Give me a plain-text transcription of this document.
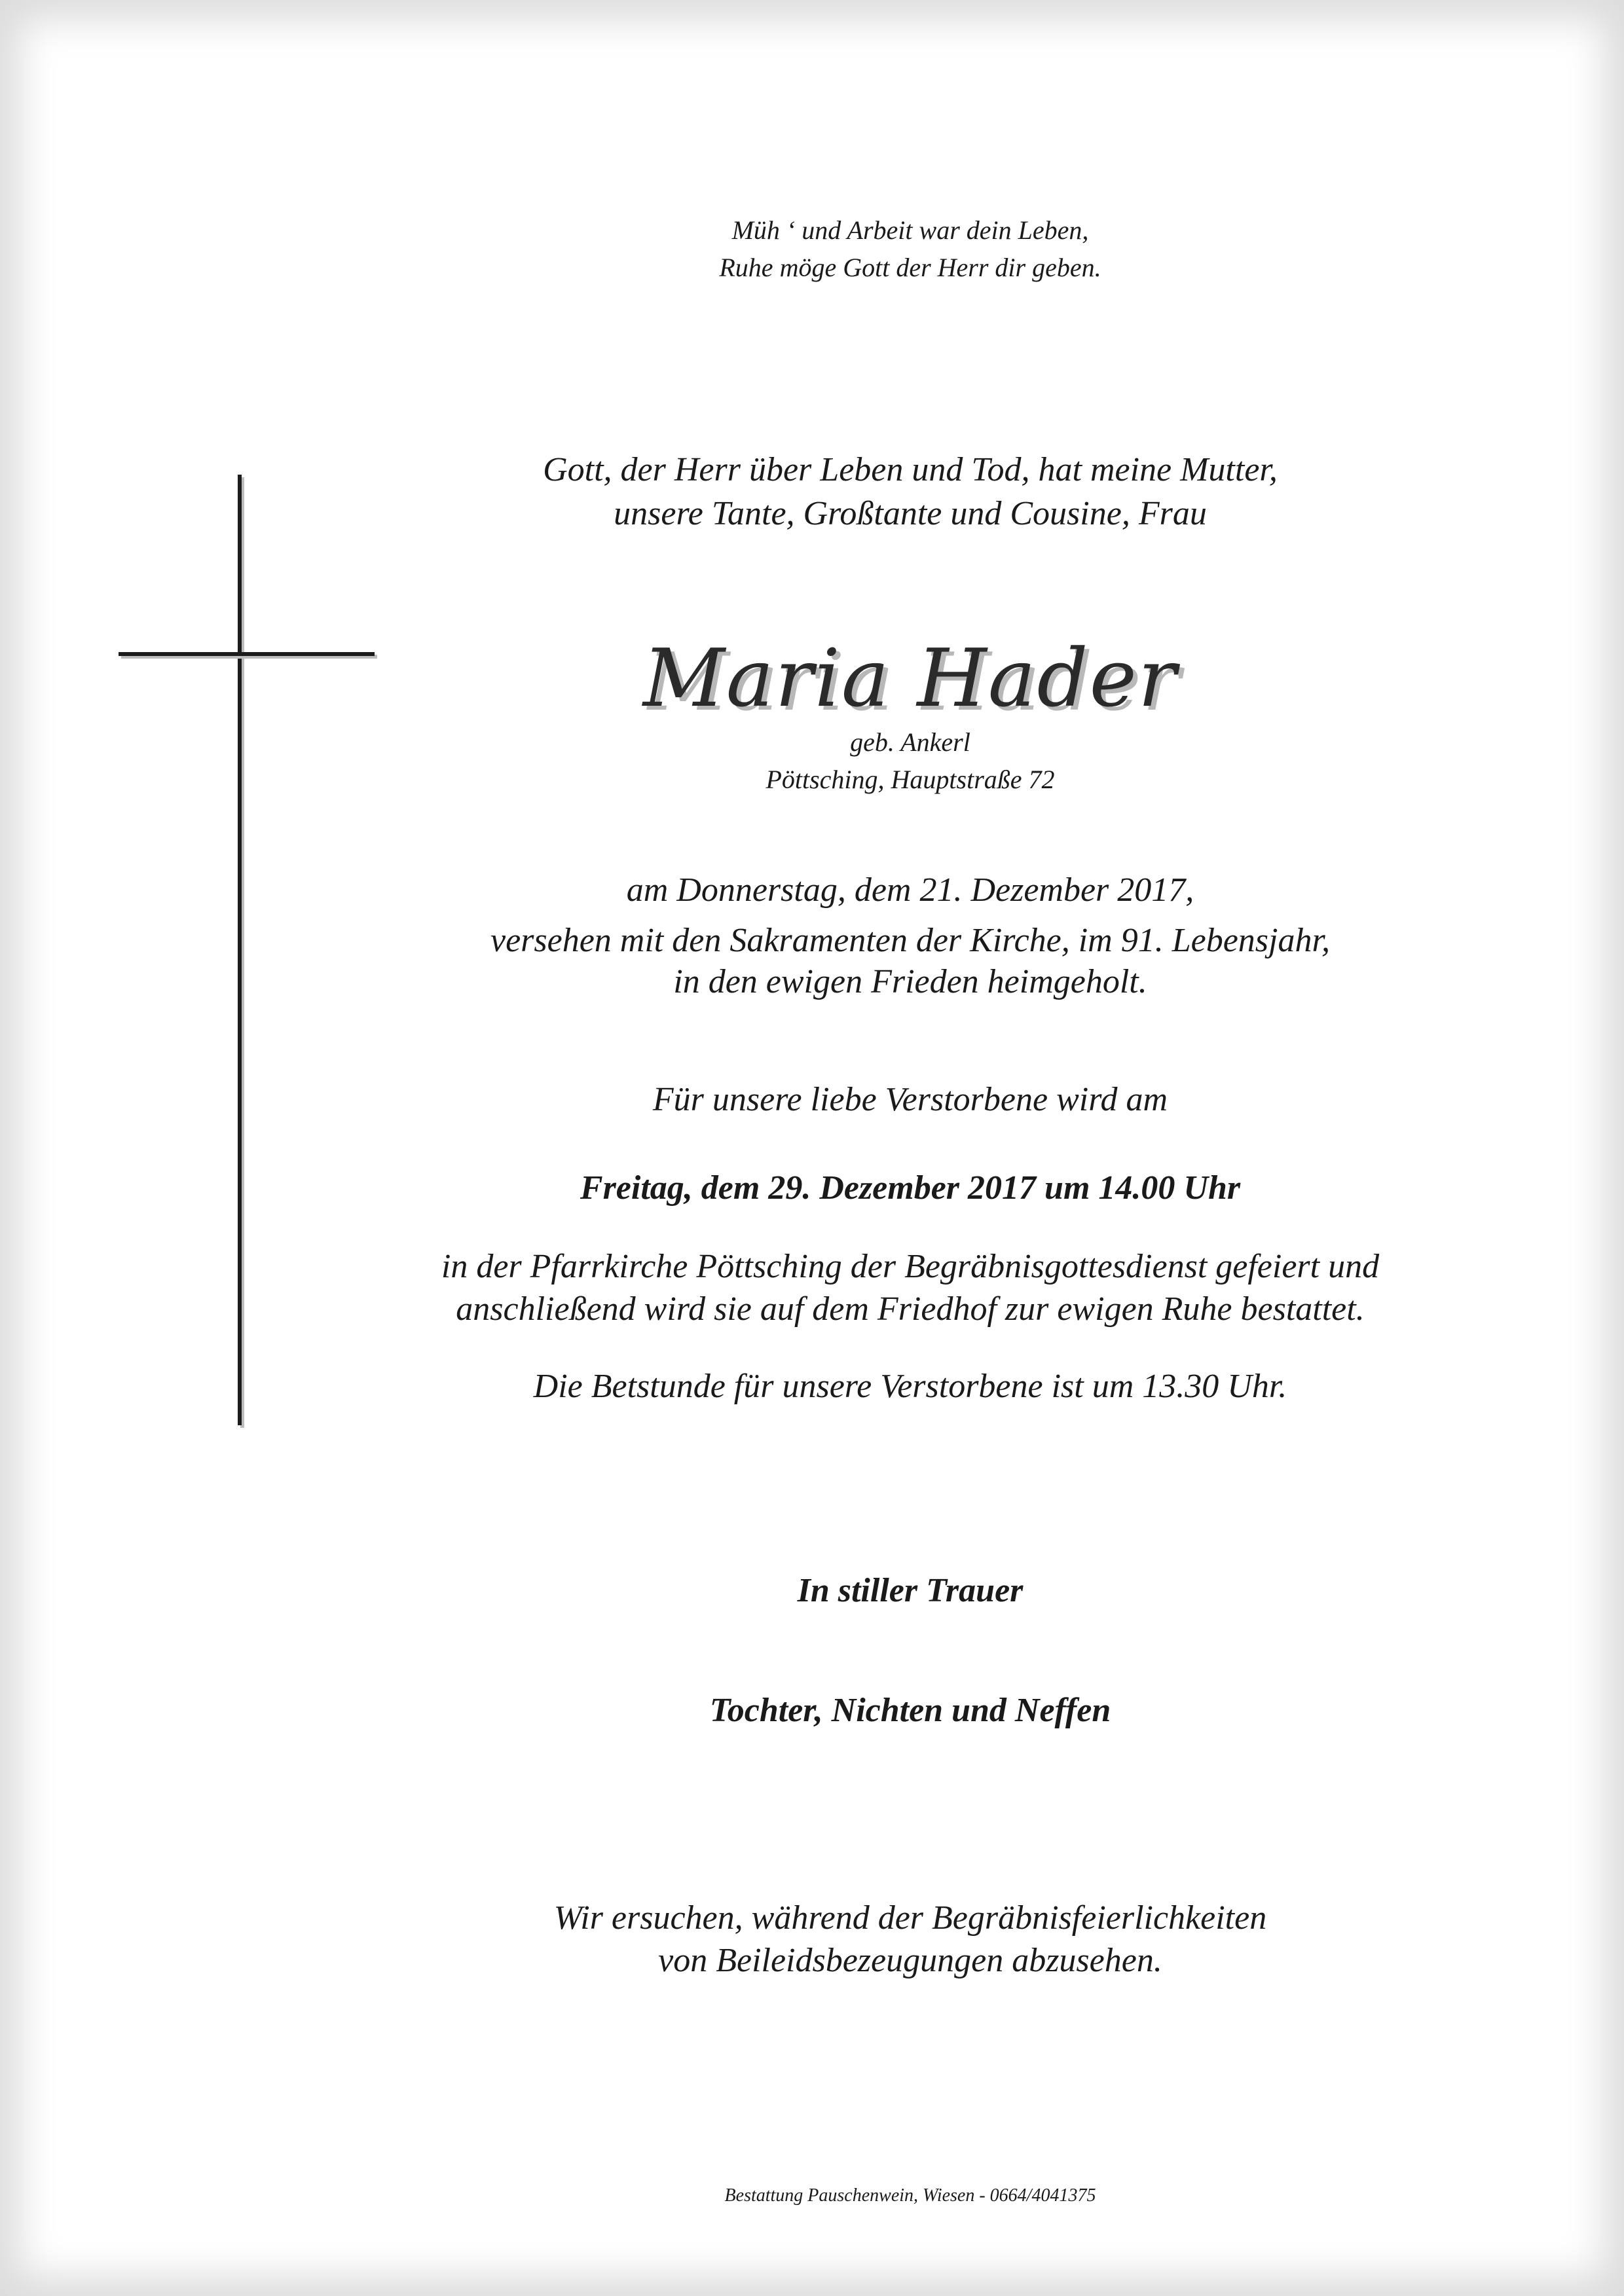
Müh ‘ und Arbeit war dein Leben,
Ruhe möge Gott der Herr dir geben.
Gott, der Herr über Leben und Tod, hat meine Mutter,
unsere Tante, Großtante und Cousine, Frau
Maria Hader
geb. Ankerl
Pöttsching, Hauptstraße 72
am Donnerstag, dem 21. Dezember 2017,
versehen mit den Sakramenten der Kirche, im 91. Lebensjahr,
in den ewigen Frieden heimgeholt.
Für unsere liebe Verstorbene wird am
Freitag, dem 29. Dezember 2017 um 14.00 Uhr
in der Pfarrkirche Pöttsching der Begräbnisgottesdienst gefeiert und
anschließend wird sie auf dem Friedhof zur ewigen Ruhe bestattet.
Die Betstunde für unsere Verstorbene ist um 13.30 Uhr.
In stiller Trauer
Tochter, Nichten und Neffen
Wir ersuchen, während der Begräbnisfeierlichkeiten
von Beileidsbezeugungen abzusehen.
Bestattung Pauschenwein, Wiesen - 0664/4041375
